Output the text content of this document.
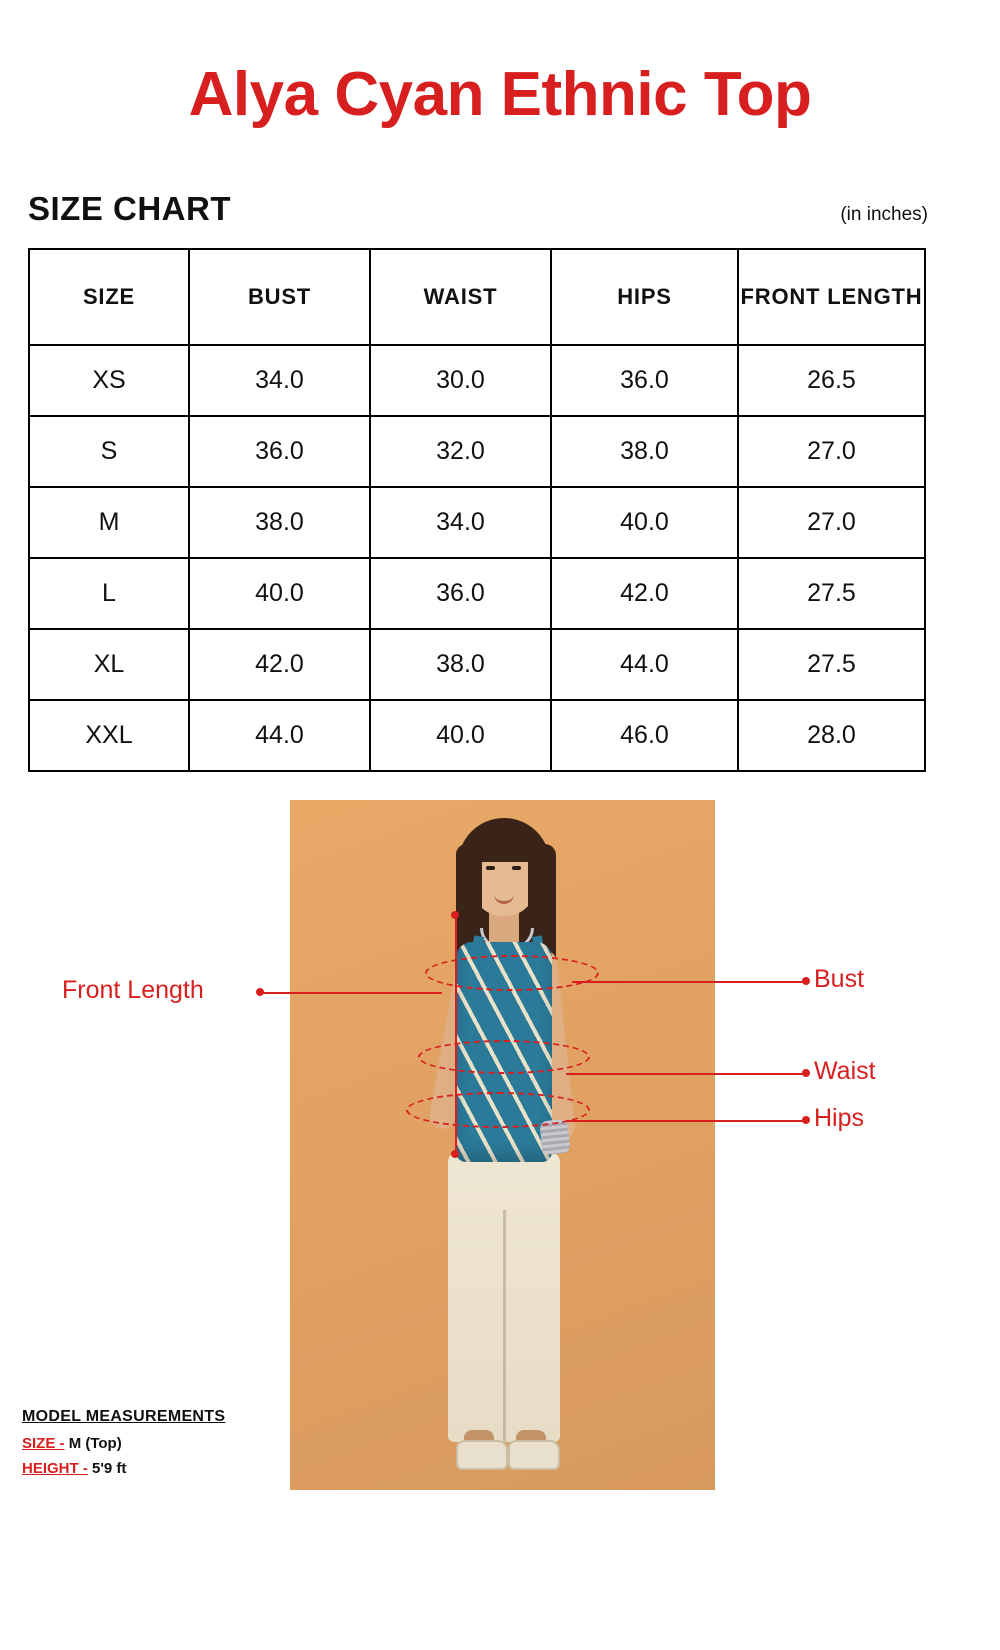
Alya Cyan Ethnic Top
SIZE CHART	(in inches)
SIZE	BUST	WAIST	HIPS	FRONT LENGTH
XS	34.0	30.0	36.0	26.5
S	36.0	32.0	38.0	27.0
M	38.0	34.0	40.0	27.0
L	40.0	36.0	42.0	27.5
XL	42.0	38.0	44.0	27.5
XXL	44.0	40.0	46.0	28.0
Front Length	Bust
Waist
Hips
MODEL MEASUREMENTS
SIZE - M (Top)
HEIGHT - 5'9 ft
